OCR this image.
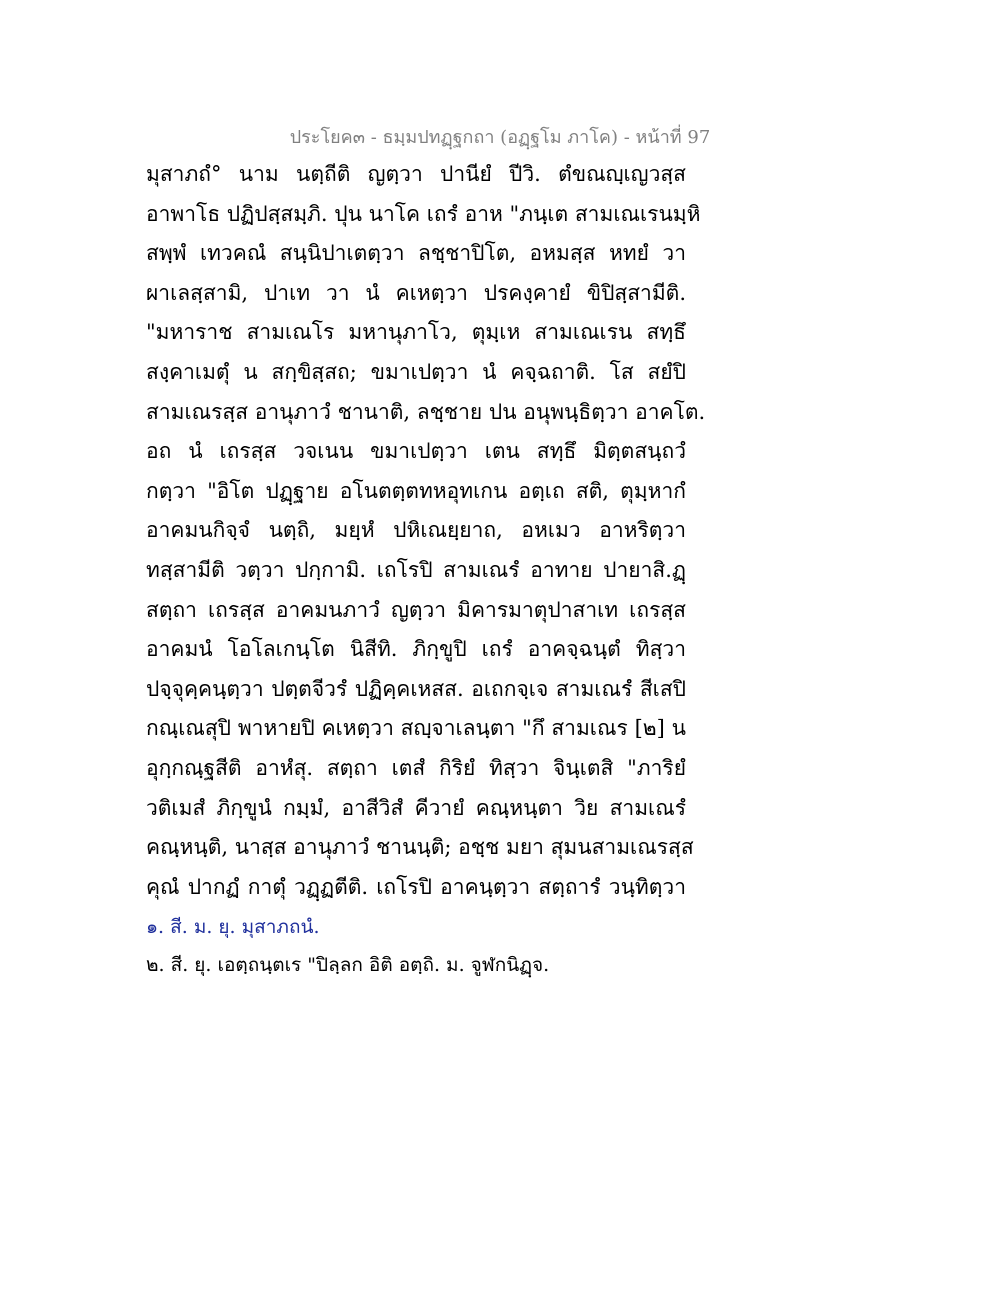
ประโยค๓ - ธมฺมปทฏฺฐกถา (อฏฺฐโม ภาโค) - หน้าที่ 97
มุสาภถํ° นาม นตฺถีติ ญตฺวา ปานียํ ปีวิ. ตํขณญฺเญวสฺส
อาพาโธ ปฏิปสฺสมฺภิ. ปุน นาโค เถรํ อาห "ภนฺเต สามเณเรนมฺหิ
สพฺพํ เทวคณํ สนฺนิปาเตตฺวา ลชฺชาปิโต, อหมสฺส หทยํ วา
ผาเลสฺสามิ, ปาเท วา นํ คเหตฺวา ปรคงฺคายํ ขิปิสฺสามีติ.
"มหาราช สามเณโร มหานุภาโว, ตุมฺเห สามเณเรน สทฺธึ
สงฺคาเมตุํ น สกฺขิสฺสถ; ขมาเปตฺวา นํ คจฺฉถาติ. โส สยํปิ
สามเณรสฺส อานุภาวํ ชานาติ, ลชฺชาย ปน อนุพนฺธิตฺวา อาคโต.
อถ นํ เถรสฺส วจเนน ขมาเปตฺวา เตน สทฺธึ มิตฺตสนฺถวํ
กตฺวา "อิโต ปฏฺฐาย อโนตตฺตทหอุทเกน อตฺเถ สติ, ตุมฺหากํ
อาคมนกิจฺจํ นตฺถิ, มยฺหํ ปหิเณยฺยาถ, อหเมว อาหริตฺวา
ทสฺสามีติ วตฺวา ปกฺกามิ. เถโรปิ สามเณรํ อาทาย ปายาสิ.ฏฺ
สตฺถา เถรสฺส อาคมนภาวํ ญตฺวา มิคารมาตุปาสาเท เถรสฺส
อาคมนํ โอโลเกนฺโต นิสีทิ. ภิกฺขูปิ เถรํ อาคจฺฉนฺตํ ทิสฺวา
ปจฺจุคฺคนฺตฺวา ปตฺตจีวรํ ปฏิคฺคเหสส. อเถกจฺเจ สามเณรํ สีเสปิ
กณฺเณสุปิ พาหายปิ คเหตฺวา สญฺจาเลนฺตา "กึ สามเณร [๒] น
อุกฺกณฺฐสีติ อาหํสุ. สตฺถา เตสํ กิริยํ ทิสฺวา จินฺเตสิ "ภาริยํ
วติเมสํ ภิกฺขูนํ กมฺมํ, อาสีวิสํ คีวายํ คณฺหนฺตา วิย สามเณรํ
คณฺหนฺติ, นาสฺส อานุภาวํ ชานนฺติ; อชฺช มยา สุมนสามเณรสฺส
คุณํ ปากฏํ กาตุํ วฏฺฏตีติ. เถโรปิ อาคนฺตฺวา สตฺถารํ วนฺทิตฺวา
๑. สี. ม. ยุ. มุสาภถนํ.
๒. สี. ยุ. เอตฺถนฺตเร "ปิลฺลก อิติ อตฺถิ. ม. จูฬกนิฏฺจ.
